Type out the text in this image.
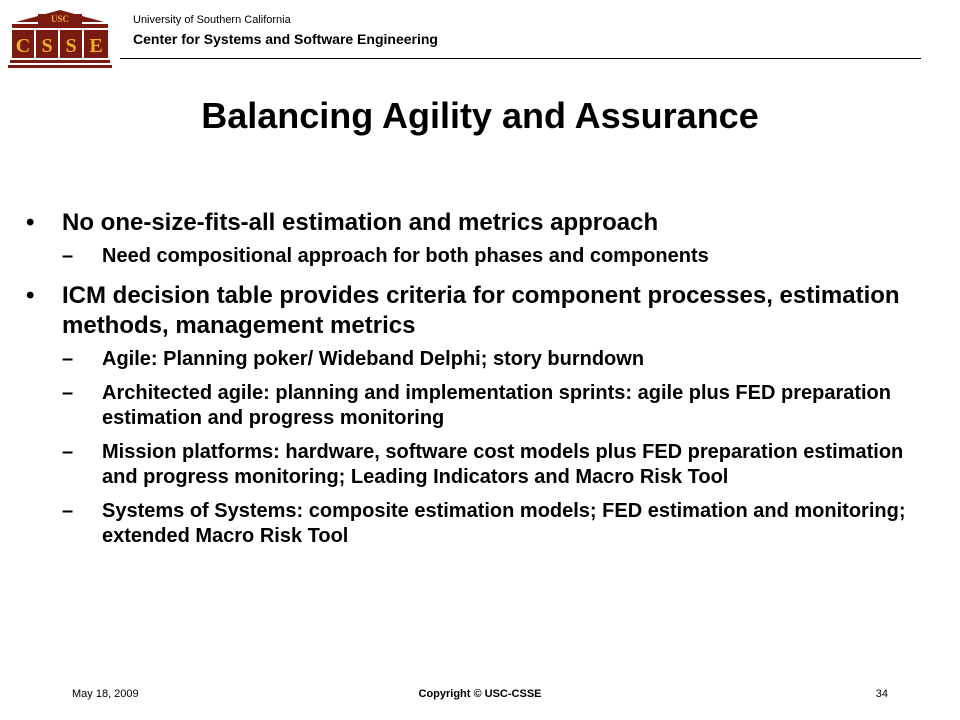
USC
C S S E
University of Southern California
Center for Systems and Software Engineering
Balancing Agility and Assurance
•	No one-size-fits-all estimation and metrics approach
–	Need compositional approach for both phases and components
•	ICM decision table provides criteria for component processes, estimation methods, management metrics
–	Agile: Planning poker/ Wideband Delphi; story burndown
–	Architected agile: planning and implementation sprints: agile plus FED preparation estimation and progress monitoring
–	Mission platforms: hardware, software cost models plus FED preparation estimation and progress monitoring; Leading Indicators and Macro Risk Tool
–	Systems of Systems: composite estimation models; FED estimation and monitoring; extended Macro Risk Tool
May 18, 2009	Copyright © USC-CSSE	34
